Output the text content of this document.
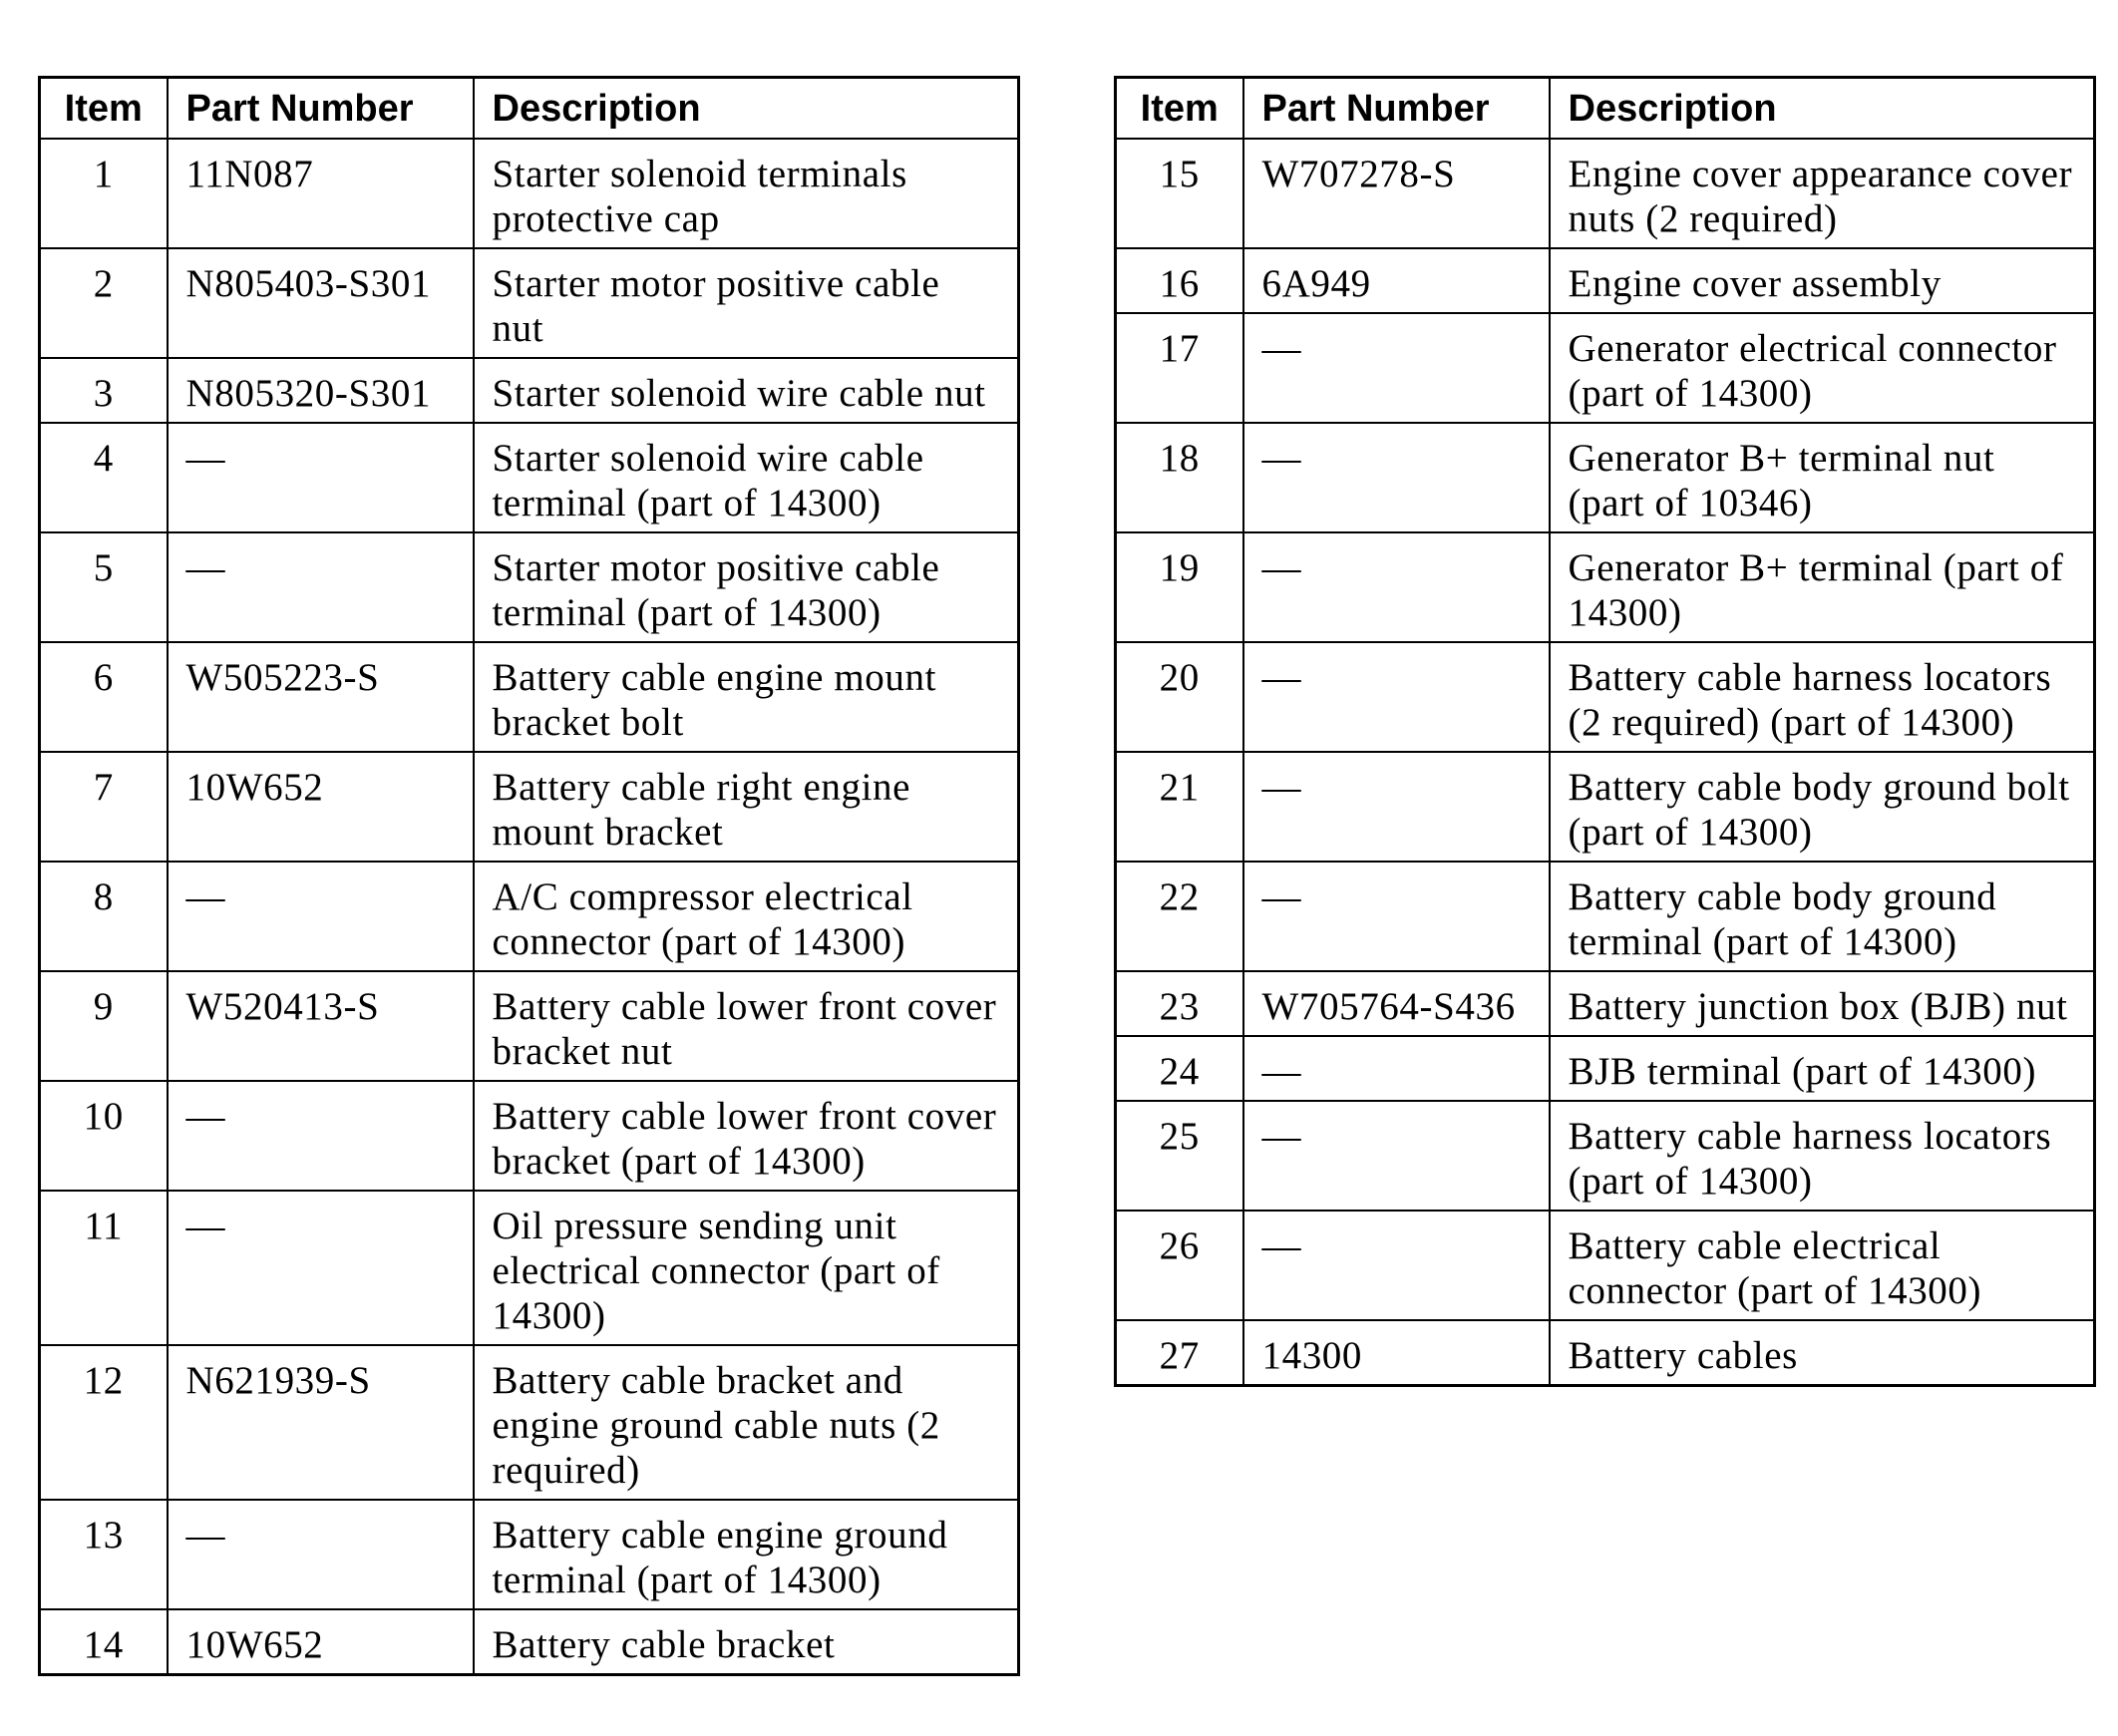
Item	Part Number	Description
1	11N087	Starter solenoid terminals protective cap
2	N805403-S301	Starter motor positive cable nut
3	N805320-S301	Starter solenoid wire cable nut
4	—	Starter solenoid wire cable terminal (part of 14300)
5	—	Starter motor positive cable terminal (part of 14300)
6	W505223-S	Battery cable engine mount bracket bolt
7	10W652	Battery cable right engine mount bracket
8	—	A/C compressor electrical connector (part of 14300)
9	W520413-S	Battery cable lower front cover bracket nut
10	—	Battery cable lower front cover bracket (part of 14300)
11	—	Oil pressure sending unit electrical connector (part of 14300)
12	N621939-S	Battery cable bracket and engine ground cable nuts (2 required)
13	—	Battery cable engine ground terminal (part of 14300)
14	10W652	Battery cable bracket
Item	Part Number	Description
15	W707278-S	Engine cover appearance cover nuts (2 required)
16	6A949	Engine cover assembly
17	—	Generator electrical connector (part of 14300)
18	—	Generator B+ terminal nut (part of 10346)
19	—	Generator B+ terminal (part of 14300)
20	—	Battery cable harness locators (2 required) (part of 14300)
21	—	Battery cable body ground bolt (part of 14300)
22	—	Battery cable body ground terminal (part of 14300)
23	W705764-S436	Battery junction box (BJB) nut
24	—	BJB terminal (part of 14300)
25	—	Battery cable harness locators (part of 14300)
26	—	Battery cable electrical connector (part of 14300)
27	14300	Battery cables
